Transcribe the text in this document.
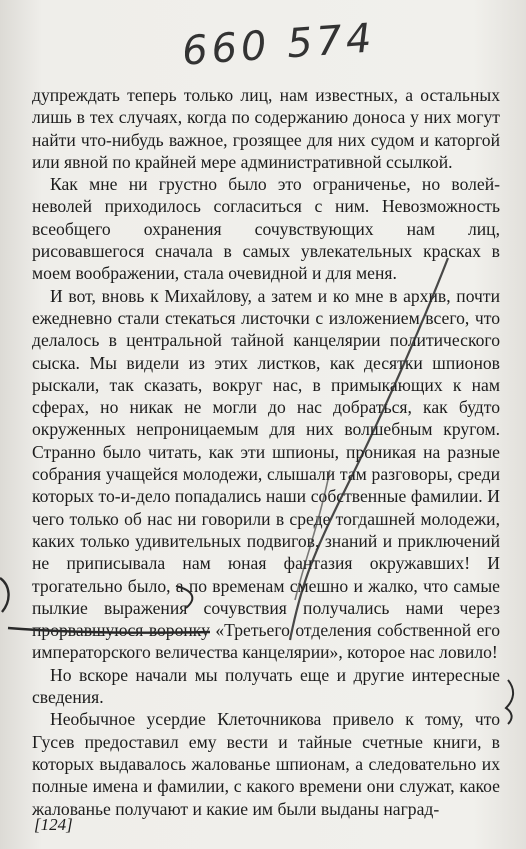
660 574

дупреждать теперь только лиц, нам известных, а остальных лишь в тех случаях, когда по содержанию доноса у них могут найти что-нибудь важное, грозящее для них судом и каторгой или явной по крайней мере административной ссылкой.

Как мне ни грустно было это ограниченье, но волей-неволей приходилось согласиться с ним. Невозможность всеобщего охранения сочувствующих нам лиц, рисовавшегося сначала в самых увлекательных красках в моем воображении, стала очевидной и для меня.

И вот, вновь к Михайлову, а затем и ко мне в архив, почти ежедневно стали стекаться листочки с изложением всего, что делалось в центральной тайной канцелярии политического сыска. Мы видели из этих листков, как десятки шпионов рыскали, так сказать, вокруг нас, в примыкающих к нам сферах, но никак не могли до нас добраться, как будто окруженных непроницаемым для них волшебным кругом. Странно было читать, как эти шпионы, проникая на разные собрания учащейся молодежи, слышали там разговоры, среди которых то-и-дело попадались наши собственные фамилии. И чего только об нас ни говорили в среде тогдашней молодежи, каких только удивительных подвигов, знаний и приключений не приписывала нам юная фантазия окружавших! И трогательно было, а по временам смешно и жалко, что самые пылкие выражения сочувствия получались нами через прорвавшуюся воронку «Третьего отделения собственной его императорского величества канцелярии», которое нас ловило!

Но вскоре начали мы получать еще и другие интересные сведения.

Необычное усердие Клеточникова привело к тому, что Гусев предоставил ему вести и тайные счетные книги, в которых выдавалось жалованье шпионам, а следовательно их полные имена и фамилии, с какого времени они служат, какое жалованье получают и какие им были выданы наград-

[124]
